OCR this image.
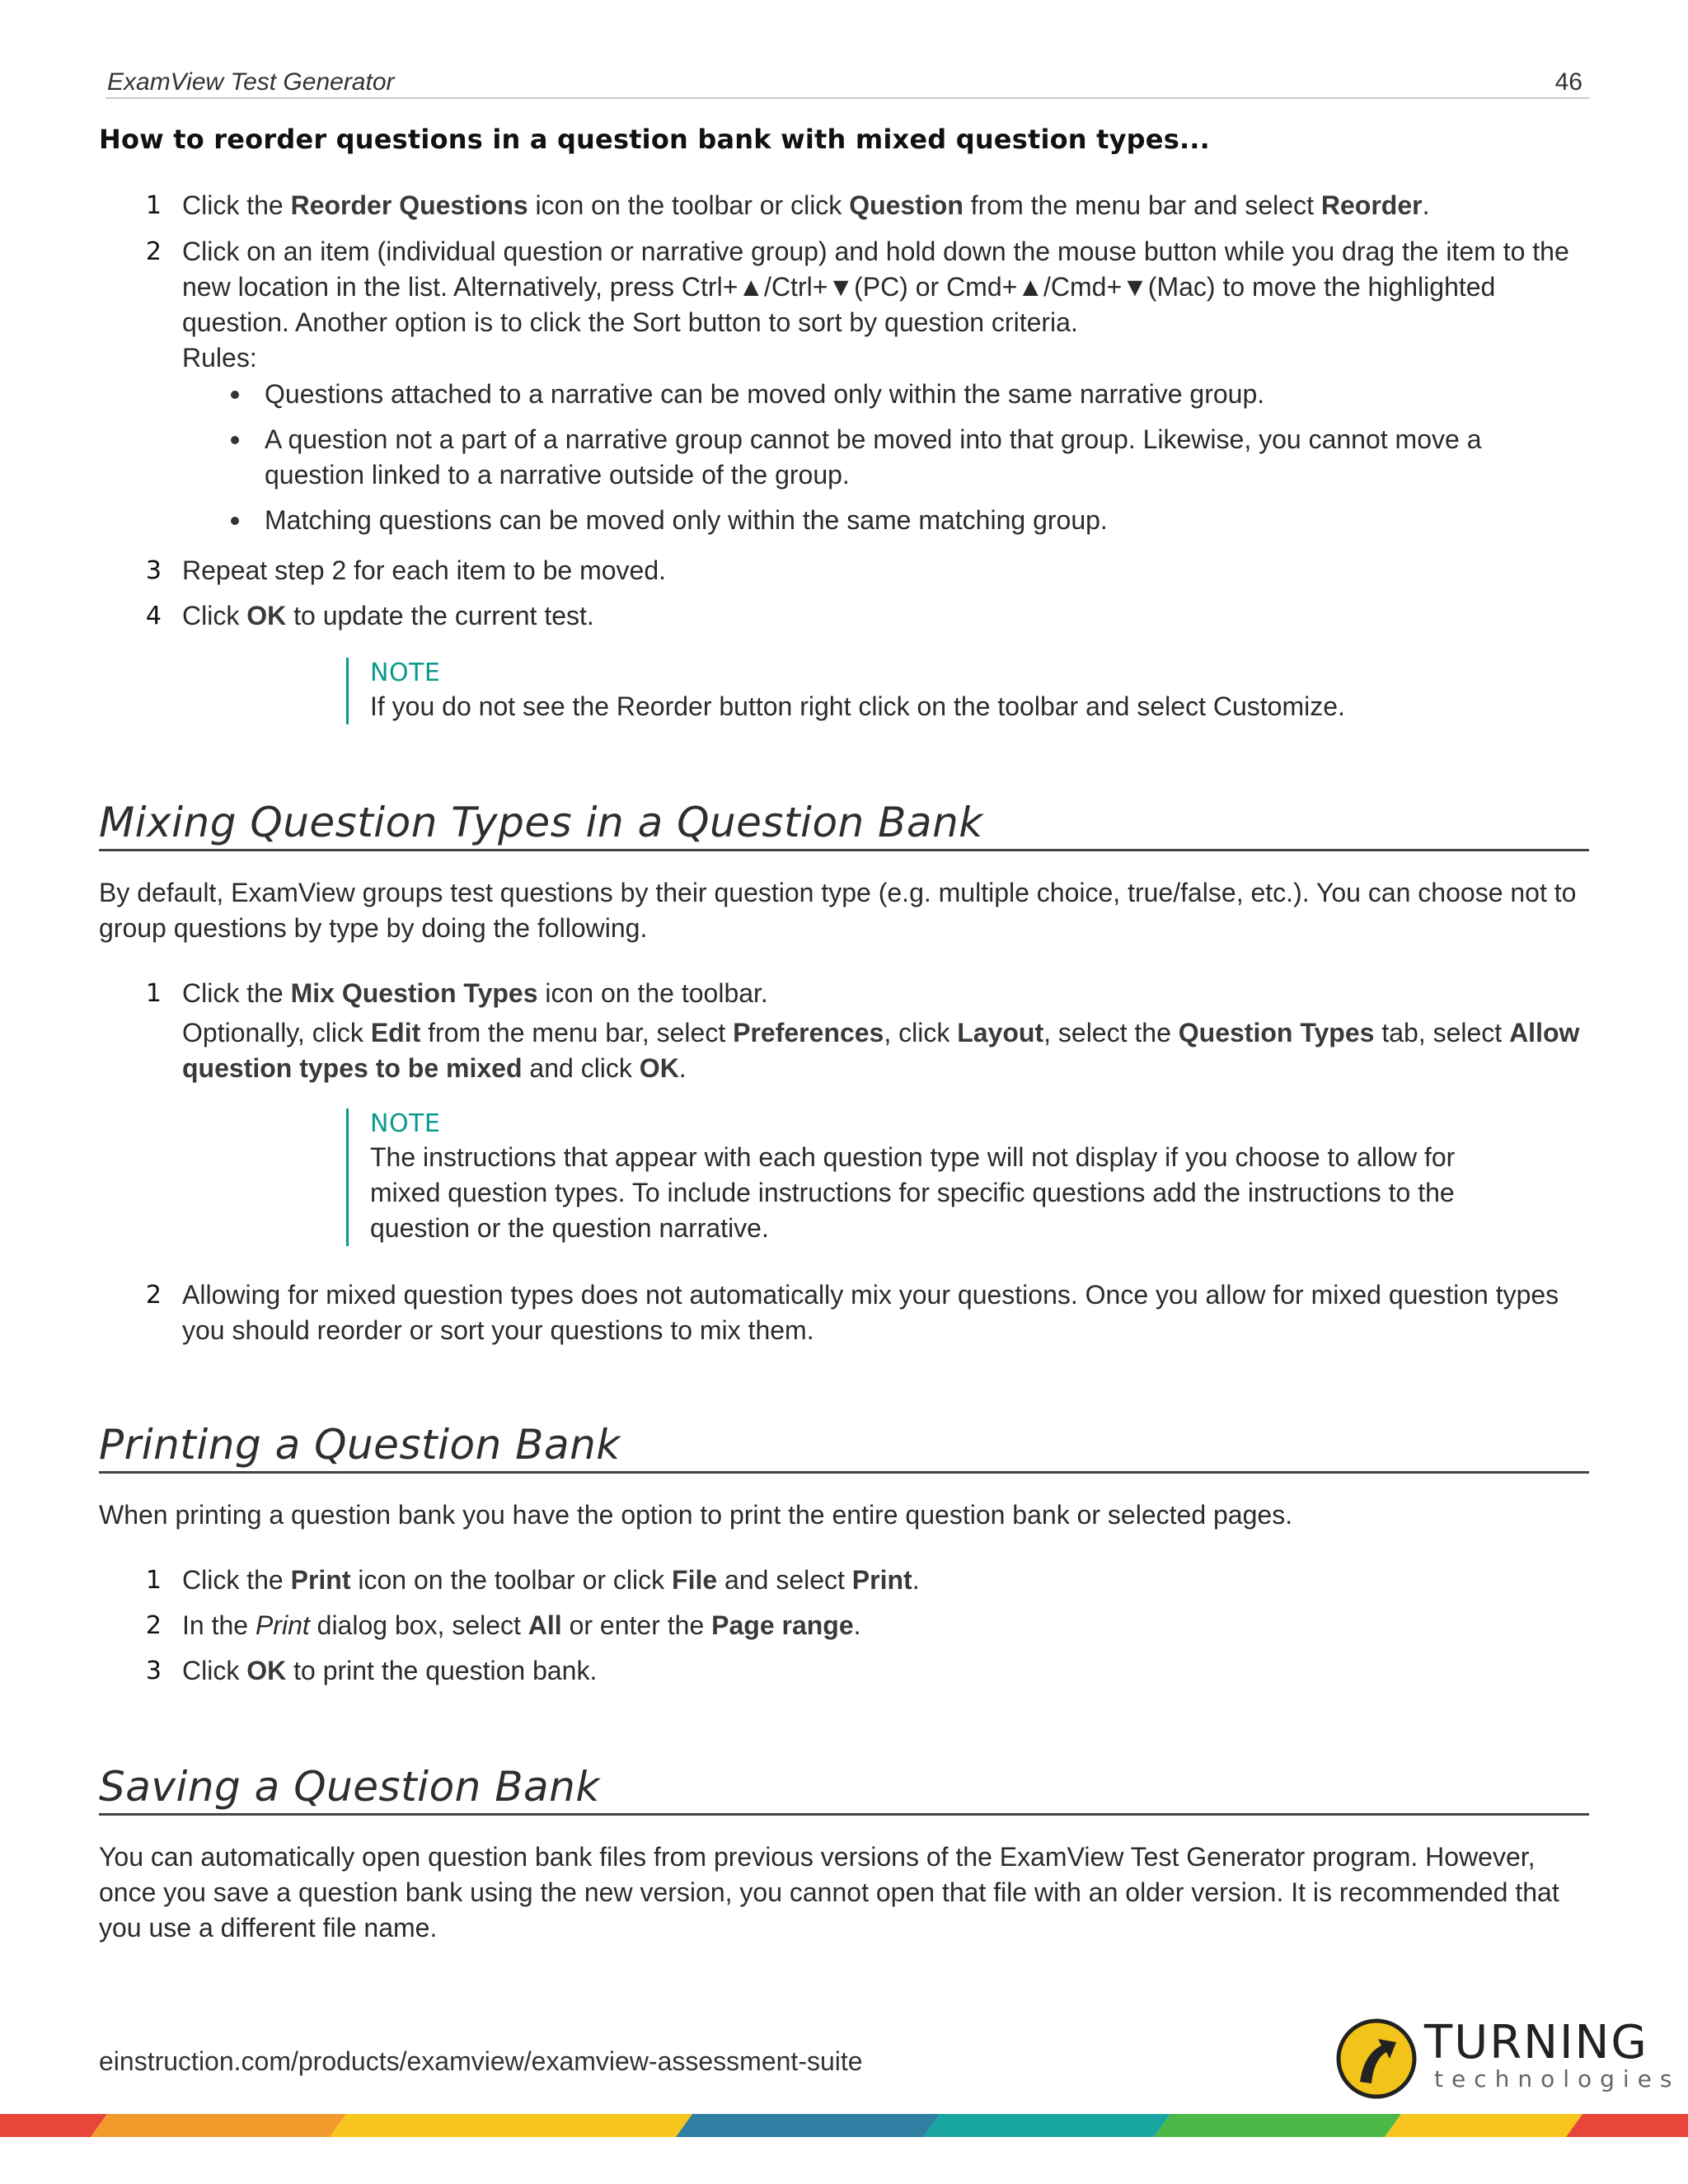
ExamView Test Generator	46
How to reorder questions in a question bank with mixed question types...
1 Click the Reorder Questions icon on the toolbar or click Question from the menu bar and select Reorder.
2 Click on an item (individual question or narrative group) and hold down the mouse button while you drag the item to the new location in the list. Alternatively, press Ctrl+▲/Ctrl+▼(PC) or Cmd+▲/Cmd+▼(Mac) to move the highlighted question. Another option is to click the Sort button to sort by question criteria.
Rules:
Questions attached to a narrative can be moved only within the same narrative group.
A question not a part of a narrative group cannot be moved into that group. Likewise, you cannot move a question linked to a narrative outside of the group.
Matching questions can be moved only within the same matching group.
3 Repeat step 2 for each item to be moved.
4 Click OK to update the current test.
NOTE
If you do not see the Reorder button right click on the toolbar and select Customize.
Mixing Question Types in a Question Bank
By default, ExamView groups test questions by their question type (e.g. multiple choice, true/false, etc.). You can choose not to group questions by type by doing the following.
1 Click the Mix Question Types icon on the toolbar.
Optionally, click Edit from the menu bar, select Preferences, click Layout, select the Question Types tab, select Allow question types to be mixed and click OK.
NOTE
The instructions that appear with each question type will not display if you choose to allow for mixed question types. To include instructions for specific questions add the instructions to the question or the question narrative.
2 Allowing for mixed question types does not automatically mix your questions. Once you allow for mixed question types you should reorder or sort your questions to mix them.
Printing a Question Bank
When printing a question bank you have the option to print the entire question bank or selected pages.
1 Click the Print icon on the toolbar or click File and select Print.
2 In the Print dialog box, select All or enter the Page range.
3 Click OK to print the question bank.
Saving a Question Bank
You can automatically open question bank files from previous versions of the ExamView Test Generator program. However, once you save a question bank using the new version, you cannot open that file with an older version. It is recommended that you use a different file name.
einstruction.com/products/examview/examview-assessment-suite	TURNING
technologies
